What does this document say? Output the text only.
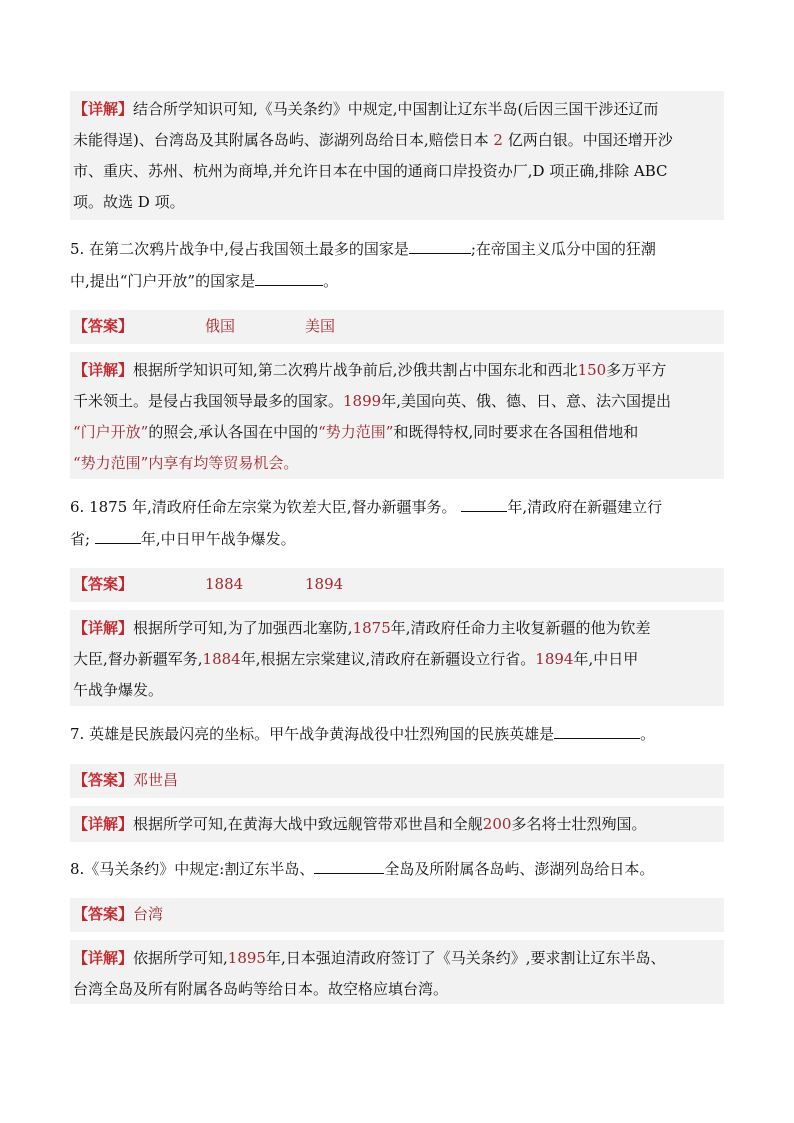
【详解】结合所学知识可知,《马关条约》中规定,中国割让辽东半岛(后因三国干涉还辽而
未能得逞)、台湾岛及其附属各岛屿、澎湖列岛给日本,赔偿日本 2 亿两白银。中国还增开沙
市、重庆、苏州、杭州为商埠,并允许日本在中国的通商口岸投资办厂,D 项正确,排除 ABC
项。故选 D 项。
5. 在第二次鸦片战争中,侵占我国领土最多的国家是	;在帝国主义瓜分中国的狂潮
中,提出“门户开放”的国家是	。
【答案】	俄国	美国
【详解】根据所学知识可知,第二次鸦片战争前后,沙俄共割占中国东北和西北150多万平方
千米领土。是侵占我国领导最多的国家。1899年,美国向英、俄、德、日、意、法六国提出
“门户开放”的照会,承认各国在中国的“势力范围”和既得特权,同时要求在各国租借地和
“势力范围”内享有均等贸易机会。
6. 1875 年,清政府任命左宗棠为钦差大臣,督办新疆事务。	年,清政府在新疆建立行
省;	年,中日甲午战争爆发。
【答案】	1884	1894
【详解】根据所学可知,为了加强西北塞防,1875年,清政府任命力主收复新疆的他为钦差
大臣,督办新疆军务,1884年,根据左宗棠建议,清政府在新疆设立行省。1894年,中日甲
午战争爆发。
7. 英雄是民族最闪亮的坐标。甲午战争黄海战役中壮烈殉国的民族英雄是	。
【答案】邓世昌
【详解】根据所学可知,在黄海大战中致远舰管带邓世昌和全舰200多名将士壮烈殉国。
8.《马关条约》中规定:割辽东半岛、	全岛及所附属各岛屿、澎湖列岛给日本。
【答案】台湾
【详解】依据所学可知,1895年,日本强迫清政府签订了《马关条约》,要求割让辽东半岛、
台湾全岛及所有附属各岛屿等给日本。故空格应填台湾。
